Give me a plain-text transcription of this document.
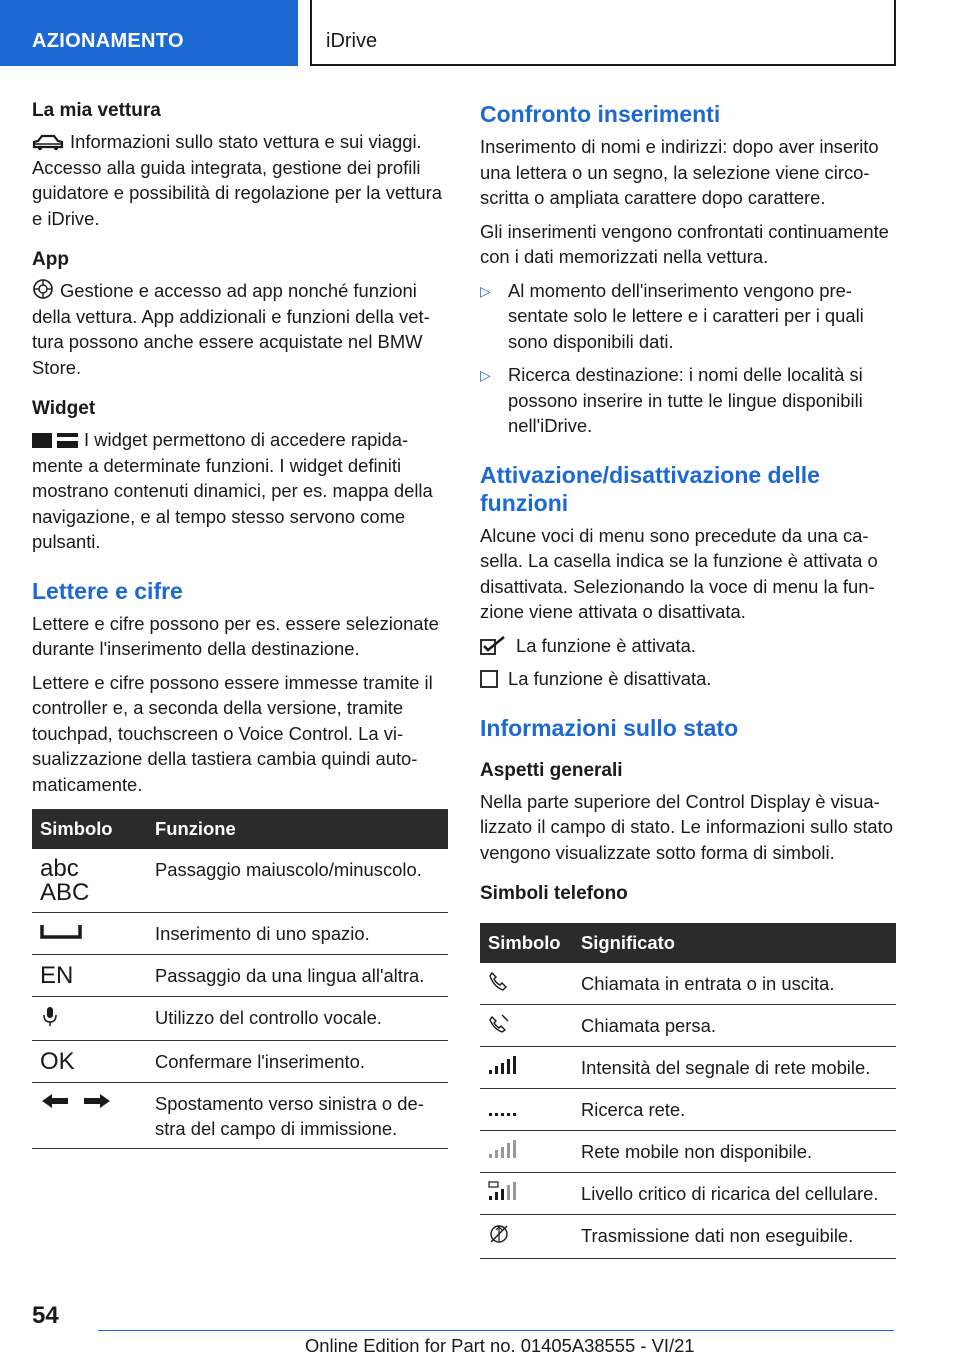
AZIONAMENTO	iDrive
La mia vettura

Informazioni sullo stato vettura e sui viaggi. Accesso alla guida integrata, gestione dei profili guidatore e possibilità di regolazione per la vettura e iDrive.

App

Gestione e accesso ad app nonché funzioni della vettura. App addizionali e funzioni della vettura possono anche essere acquistate nel BMW Store.

Widget

I widget permettono di accedere rapidamente a determinate funzioni. I widget definiti mostrano contenuti dinamici, per es. mappa della navigazione, e al tempo stesso servono come pulsanti.

Lettere e cifre

Lettere e cifre possono per es. essere selezionate durante l'inserimento della destinazione.

Lettere e cifre possono essere immesse tramite il controller e, a seconda della versione, tramite touchpad, touchscreen o Voice Control. La visualizzazione della tastiera cambia quindi automaticamente.

Simbolo	Funzione

abc
ABC	Passaggio maiuscolo/minuscolo.
	Inserimento di uno spazio.
EN	Passaggio da una lingua all'altra.
	Utilizzo del controllo vocale.
OK	Confermare l'inserimento.
	Spostamento verso sinistra o destra del campo di immissione.
Confronto inserimenti

Inserimento di nomi e indirizzi: dopo aver inserito una lettera o un segno, la selezione viene circoscritta o ampliata carattere dopo carattere.

Gli inserimenti vengono confrontati continuamente con i dati memorizzati nella vettura.

▷ Al momento dell'inserimento vengono presentate solo le lettere e i caratteri per i quali sono disponibili dati.
▷ Ricerca destinazione: i nomi delle località si possono inserire in tutte le lingue disponibili nell'iDrive.
Attivazione/disattivazione delle funzioni

Alcune voci di menu sono precedute da una casella. La casella indica se la funzione è attivata o disattivata. Selezionando la voce di menu la funzione viene attivata o disattivata.

La funzione è attivata.

La funzione è disattivata.

Informazioni sullo stato
Aspetti generali

Nella parte superiore del Control Display è visualizzato il campo di stato. Le informazioni sullo stato vengono visualizzate sotto forma di simboli.

Simboli telefono
Simbolo	Significato
	Chiamata in entrata o in uscita.
	Chiamata persa.
	Intensità del segnale di rete mobile.
	Ricerca rete.
	Rete mobile non disponibile.
	Livello critico di ricarica del cellulare.
	Trasmissione dati non eseguibile.
54
Online Edition for Part no. 01405A38555 - VI/21
